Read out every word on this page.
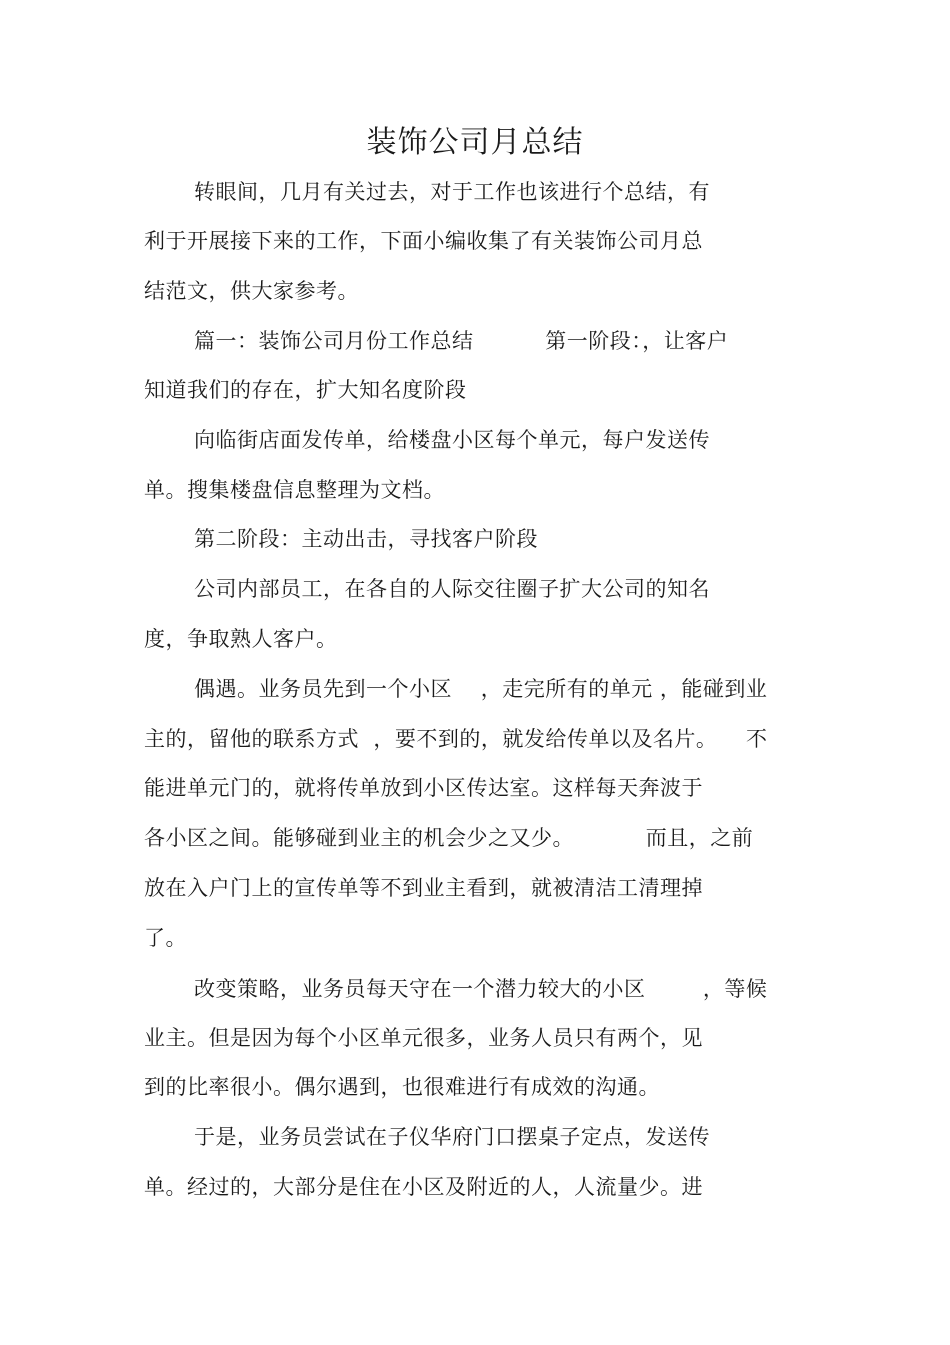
装饰公司月总结
转眼间，几月有关过去，对于工作也该进行个总结，有
利于开展接下来的工作，下面小编收集了有关装饰公司月总
结范文，供大家参考。
篇一：装饰公司月份工作总结          第一阶段：，让客户
知道我们的存在，扩大知名度阶段
向临街店面发传单，给楼盘小区每个单元，每户发送传
单。搜集楼盘信息整理为文档。
第二阶段：主动出击，寻找客户阶段
公司内部员工，在各自的人际交往圈子扩大公司的知名
度，争取熟人客户。
偶遇。业务员先到一个小区    ，走完所有的单元 ，能碰到业
主的，留他的联系方式  ，要不到的，就发给传单以及名片。    不
能进单元门的，就将传单放到小区传达室。这样每天奔波于
各小区之间。能够碰到业主的机会少之又少。          而且，之前
放在入户门上的宣传单等不到业主看到，就被清洁工清理掉
了。
改变策略，业务员每天守在一个潜力较大的小区        ，等候
业主。但是因为每个小区单元很多，业务人员只有两个，见
到的比率很小。偶尔遇到，也很难进行有成效的沟通。
于是，业务员尝试在子仪华府门口摆桌子定点，发送传
单。经过的，大部分是住在小区及附近的人，人流量少。进
